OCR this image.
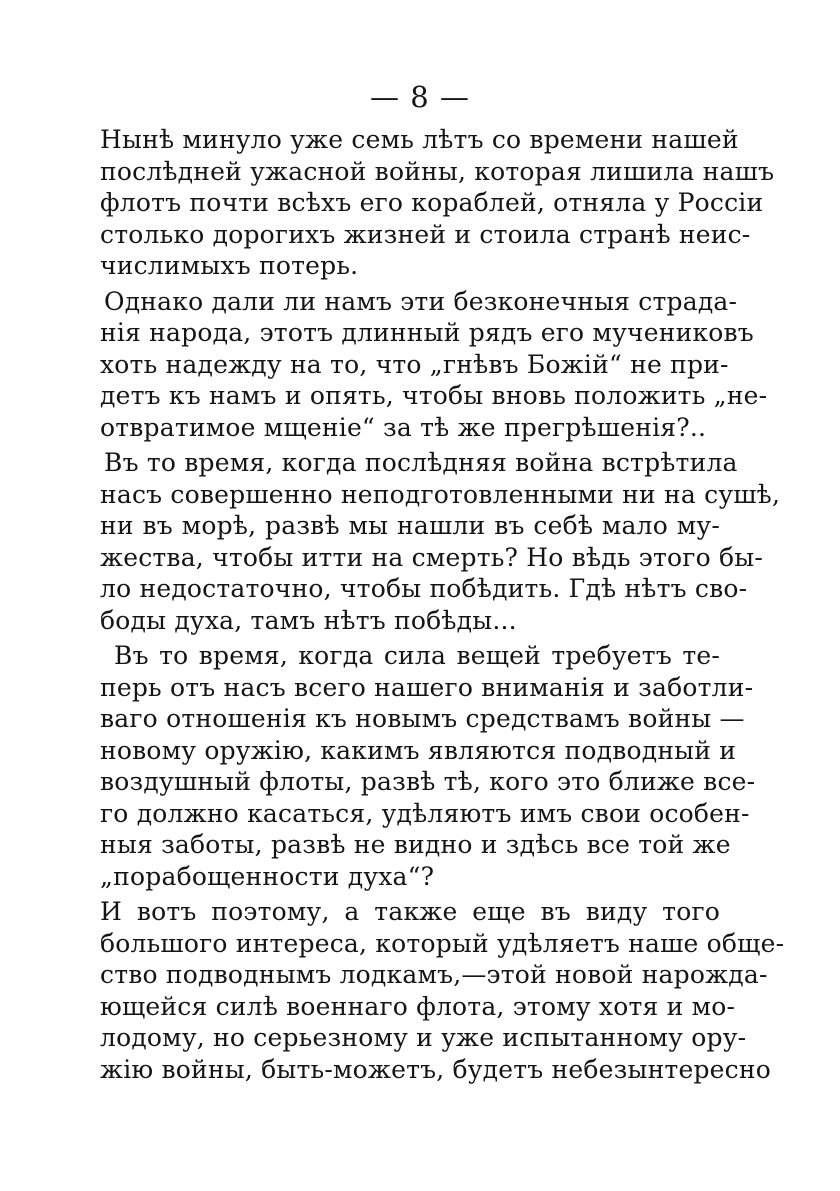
— 8 —
Нынѣ минуло уже семь лѣтъ со времени нашей
послѣдней ужасной войны, которая лишила нашъ
флотъ почти всѣхъ его кораблей, отняла у Россіи
столько дорогихъ жизней и стоила странѣ неис-
числимыхъ потерь.
Однако дали ли намъ эти безконечныя страда-
нія народа, этотъ длинный рядъ его мучениковъ
хоть надежду на то, что „гнѣвъ Божій“ не при-
детъ къ намъ и опять, чтобы вновь положить „не-
отвратимое мщеніе“ за тѣ же прегрѣшенія?..
Въ то время, когда послѣдняя война встрѣтила
насъ совершенно неподготовленными ни на сушѣ,
ни въ морѣ, развѣ мы нашли въ себѣ мало му-
жества, чтобы итти на смерть? Но вѣдь этого бы-
ло недостаточно, чтобы побѣдить. Гдѣ нѣтъ сво-
боды духа, тамъ нѣтъ побѣды...
Въ то время, когда сила вещей требуетъ те-
перь отъ насъ всего нашего вниманія и заботли-
ваго отношенія къ новымъ средствамъ войны —
новому оружію, какимъ являются подводный и
воздушный флоты, развѣ тѣ, кого это ближе все-
го должно касаться, удѣляютъ имъ свои особен-
ныя заботы, развѣ не видно и здѣсь все той же
„порабощенности духа“?
И вотъ поэтому, а также еще въ виду того
большого интереса, который удѣляетъ наше обще-
ство подводнымъ лодкамъ,—этой новой нарожда-
ющейся силѣ военнаго флота, этому хотя и мо-
лодому, но серьезному и уже испытанному ору-
жію войны, быть-можетъ, будетъ небезынтересно
